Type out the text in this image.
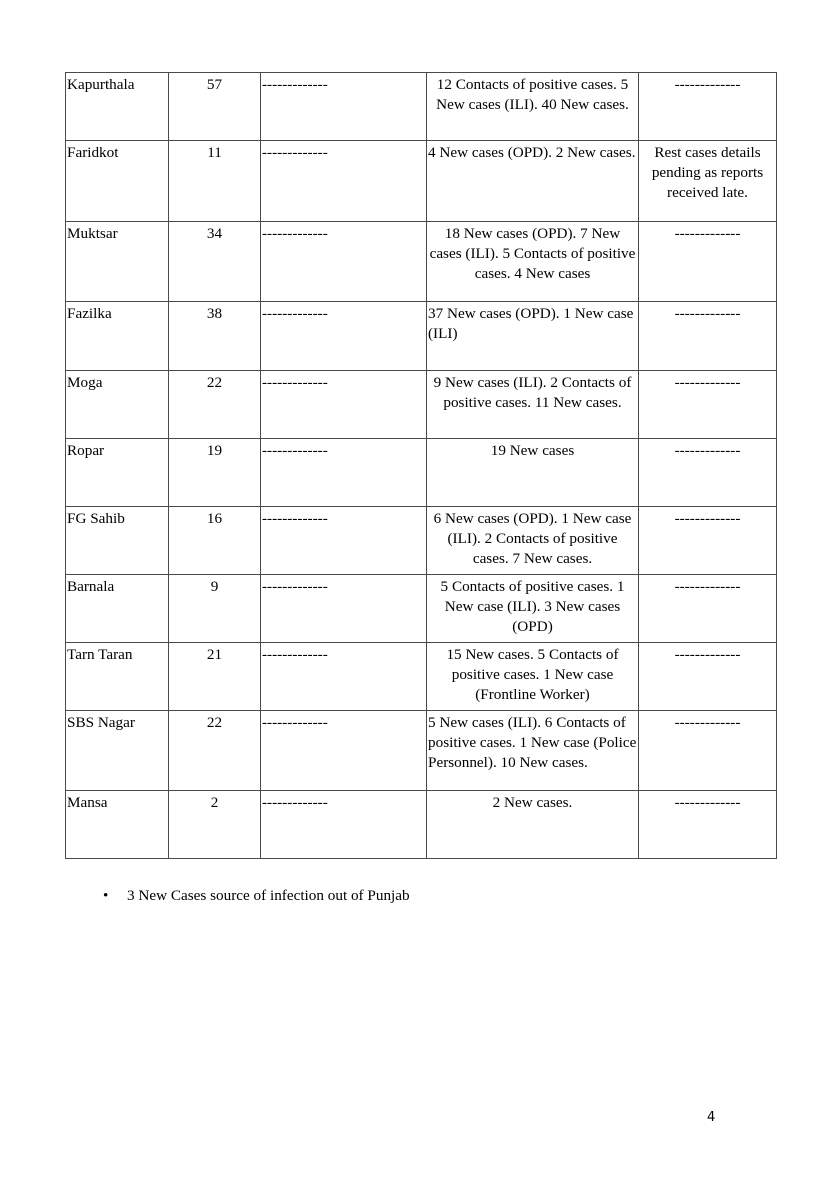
Kapurthala	57	-------------	12 Contacts of positive cases. 5 New cases (ILI). 40 New cases.	-------------
Faridkot	11	-------------	4 New cases (OPD). 2 New cases.	Rest cases details pending as reports received late.
Muktsar	34	-------------	18 New cases (OPD). 7 New cases (ILI). 5 Contacts of positive cases. 4 New cases	-------------
Fazilka	38	-------------	37 New cases (OPD). 1 New case (ILI)	-------------
Moga	22	-------------	9 New cases (ILI). 2 Contacts of positive cases. 11 New cases.	-------------
Ropar	19	-------------	19 New cases	-------------
FG Sahib	16	-------------	6 New cases (OPD). 1 New case (ILI). 2 Contacts of positive cases. 7 New cases.	-------------
Barnala	9	-------------	5 Contacts of positive cases. 1 New case (ILI). 3 New cases (OPD)	-------------
Tarn Taran	21	-------------	15 New cases. 5 Contacts of positive cases. 1 New case (Frontline Worker)	-------------
SBS Nagar	22	-------------	5 New cases (ILI). 6 Contacts of positive cases. 1 New case (Police Personnel). 10 New cases.	-------------
Mansa	2	-------------	2 New cases.	-------------
• 3 New Cases source of infection out of Punjab
4
